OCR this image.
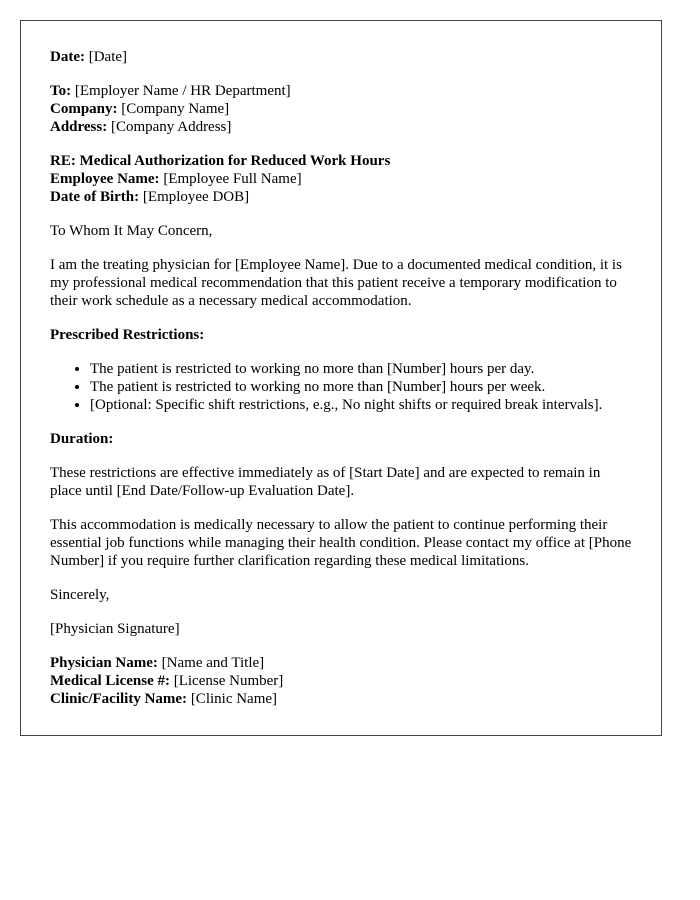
Date: [Date]

To: [Employer Name / HR Department]
Company: [Company Name]
Address: [Company Address]

RE: Medical Authorization for Reduced Work Hours
Employee Name: [Employee Full Name]
Date of Birth: [Employee DOB]

To Whom It May Concern,

I am the treating physician for [Employee Name]. Due to a documented medical condition, it is my professional medical recommendation that this patient receive a temporary modification to their work schedule as a necessary medical accommodation.

Prescribed Restrictions:

• The patient is restricted to working no more than [Number] hours per day.
• The patient is restricted to working no more than [Number] hours per week.
• [Optional: Specific shift restrictions, e.g., No night shifts or required break intervals].

Duration:

These restrictions are effective immediately as of [Start Date] and are expected to remain in place until [End Date/Follow-up Evaluation Date].

This accommodation is medically necessary to allow the patient to continue performing their essential job functions while managing their health condition. Please contact my office at [Phone Number] if you require further clarification regarding these medical limitations.

Sincerely,

[Physician Signature]

Physician Name: [Name and Title]
Medical License #: [License Number]
Clinic/Facility Name: [Clinic Name]
